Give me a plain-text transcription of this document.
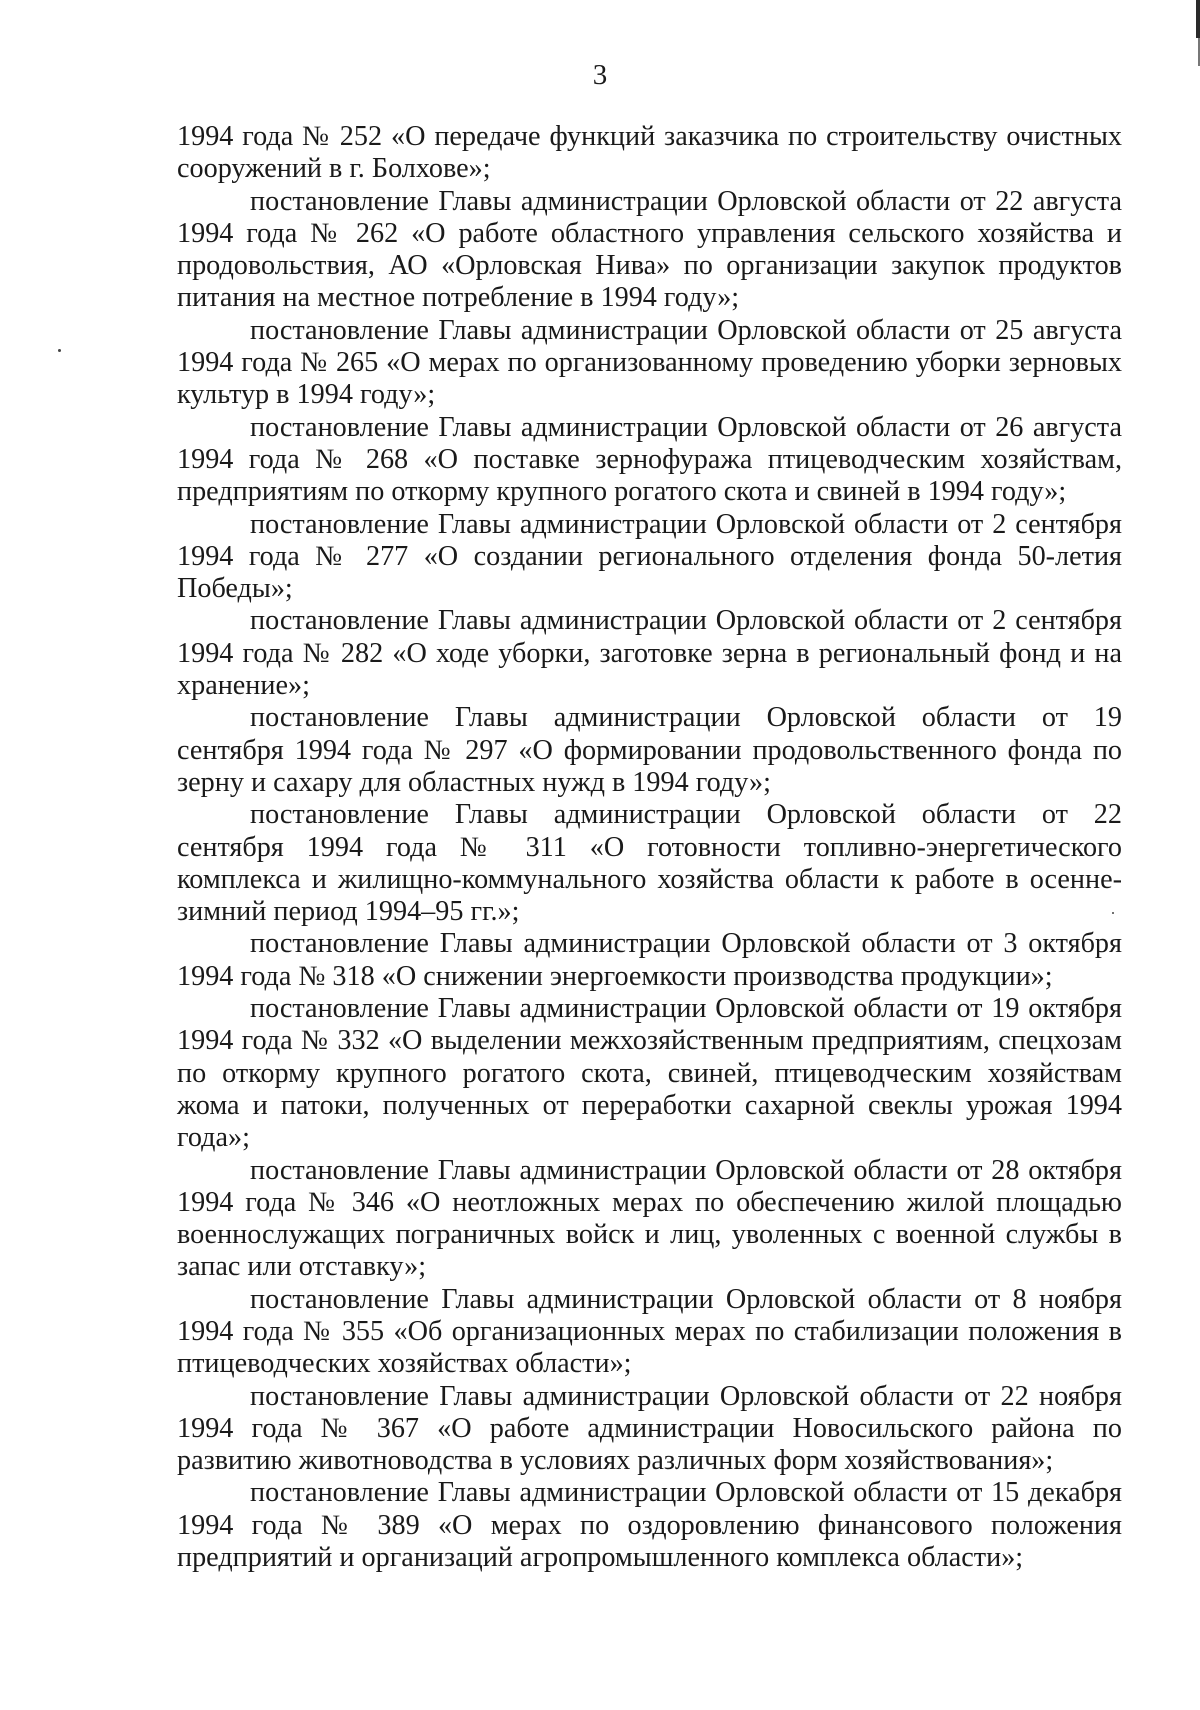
3

1994 года № 252 «О передаче функций заказчика по строительству очистных сооружений в г. Болхове»;

постановление Главы администрации Орловской области от 22 августа 1994 года № 262 «О работе областного управления сельского хозяйства и продовольствия, АО «Орловская Нива» по организации закупок продуктов питания на местное потребление в 1994 году»;

постановление Главы администрации Орловской области от 25 августа 1994 года № 265 «О мерах по организованному проведению уборки зерновых культур в 1994 году»;

постановление Главы администрации Орловской области от 26 августа 1994 года № 268 «О поставке зернофуража птицеводческим хозяйствам, предприятиям по откорму крупного рогатого скота и свиней в 1994 году»;

постановление Главы администрации Орловской области от 2 сентября 1994 года № 277 «О создании регионального отделения фонда 50-летия Победы»;

постановление Главы администрации Орловской области от 2 сентября 1994 года № 282 «О ходе уборки, заготовке зерна в региональный фонд и на хранение»;

постановление Главы администрации Орловской области от 19 сентября 1994 года № 297 «О формировании продовольственного фонда по зерну и сахару для областных нужд в 1994 году»;

постановление Главы администрации Орловской области от 22 сентября 1994 года № 311 «О готовности топливно-энергетического комплекса и жилищно-коммунального хозяйства области к работе в осенне-зимний период 1994–95 гг.»;

постановление Главы администрации Орловской области от 3 октября 1994 года № 318 «О снижении энергоемкости производства продукции»;

постановление Главы администрации Орловской области от 19 октября 1994 года № 332 «О выделении межхозяйственным предприятиям, спецхозам по откорму крупного рогатого скота, свиней, птицеводческим хозяйствам жома и патоки, полученных от переработки сахарной свеклы урожая 1994 года»;

постановление Главы администрации Орловской области от 28 октября 1994 года № 346 «О неотложных мерах по обеспечению жилой площадью военнослужащих пограничных войск и лиц, уволенных с военной службы в запас или отставку»;

постановление Главы администрации Орловской области от 8 ноября 1994 года № 355 «Об организационных мерах по стабилизации положения в птицеводческих хозяйствах области»;

постановление Главы администрации Орловской области от 22 ноября 1994 года № 367 «О работе администрации Новосильского района по развитию животноводства в условиях различных форм хозяйствования»;

постановление Главы администрации Орловской области от 15 декабря 1994 года № 389 «О мерах по оздоровлению финансового положения предприятий и организаций агропромышленного комплекса области»;
